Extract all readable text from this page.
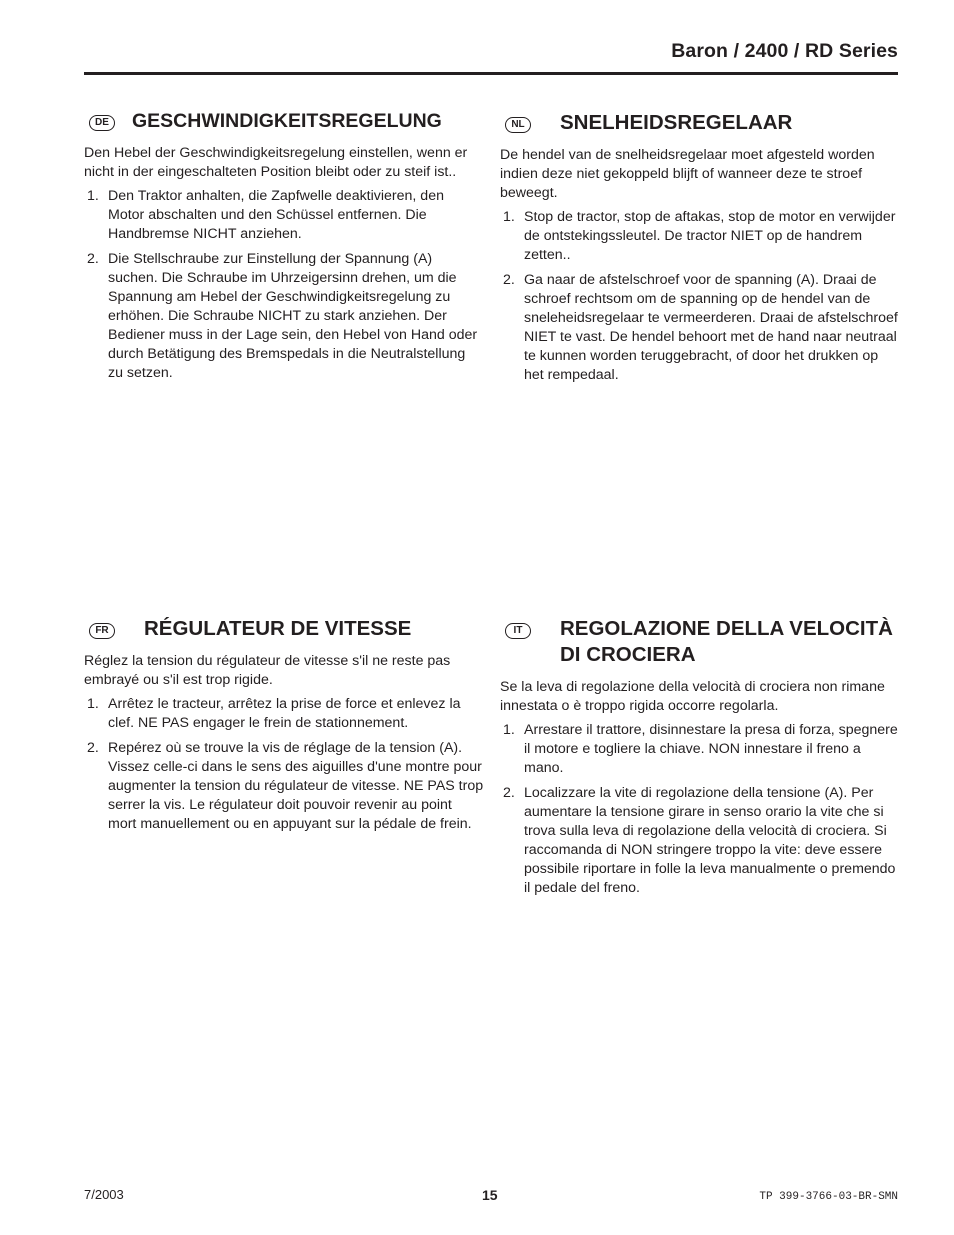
Baron / 2400 / RD Series
DE	GESCHWINDIGKEITSREGELUNG

Den Hebel der Geschwindigkeitsregelung einstellen, wenn er nicht in der eingeschalteten Position bleibt oder zu steif ist..

1. Den Traktor anhalten, die Zapfwelle deaktivieren, den Motor abschalten und den Schüssel entfernen. Die Handbremse NICHT anziehen.
2. Die Stellschraube zur Einstellung der Spannung (A) suchen. Die Schraube im Uhrzeigersinn drehen, um die Spannung am Hebel der Geschwindigkeitsregelung zu erhöhen. Die Schraube NICHT zu stark anziehen. Der Bediener muss in der Lage sein, den Hebel von Hand oder durch Betätigung des Bremspedals in die Neutralstellung zu setzen.
NL	SNELHEIDSREGELAAR

De hendel van de snelheidsregelaar moet afgesteld worden indien deze niet gekoppeld blijft of wanneer deze te stroef beweegt.

1. Stop de tractor, stop de aftakas, stop de motor en verwijder de ontstekingssleutel. De tractor NIET op de handrem zetten..
2. Ga naar de afstelschroef voor de spanning (A). Draai de schroef rechtsom om de spanning op de hendel van de sneleheidsregelaar te vermeerderen. Draai de afstelschroef NIET te vast. De hendel behoort met de hand naar neutraal te kunnen worden teruggebracht, of door het drukken op het rempedaal.
FR	RÉGULATEUR DE VITESSE

Réglez la tension du régulateur de vitesse s'il ne reste pas embrayé ou s'il est trop rigide.

1. Arrêtez le tracteur, arrêtez la prise de force et enlevez la clef. NE PAS engager le frein de stationnement.
2. Repérez où se trouve la vis de réglage de la tension (A). Vissez celle-ci dans le sens des aiguilles d'une montre pour augmenter la tension du régulateur de vitesse. NE PAS trop serrer la vis. Le régulateur doit pouvoir revenir au point mort manuellement ou en appuyant sur la pédale de frein.
IT	REGOLAZIONE DELLA VELOCITÀ DI CROCIERA

Se la leva di regolazione della velocità di crociera non rimane innestata o è troppo rigida occorre regolarla.

1. Arrestare il trattore, disinnestare la presa di forza, spegnere il motore e togliere la chiave. NON innestare il freno a mano.
2. Localizzare la vite di regolazione della tensione (A). Per aumentare la tensione girare in senso orario la vite che si trova sulla leva di regolazione della velocità di crociera. Si raccomanda di NON stringere troppo la vite: deve essere possibile riportare in folle la leva manualmente o premendo il pedale del freno.
7/2003	15	TP 399-3766-03-BR-SMN
